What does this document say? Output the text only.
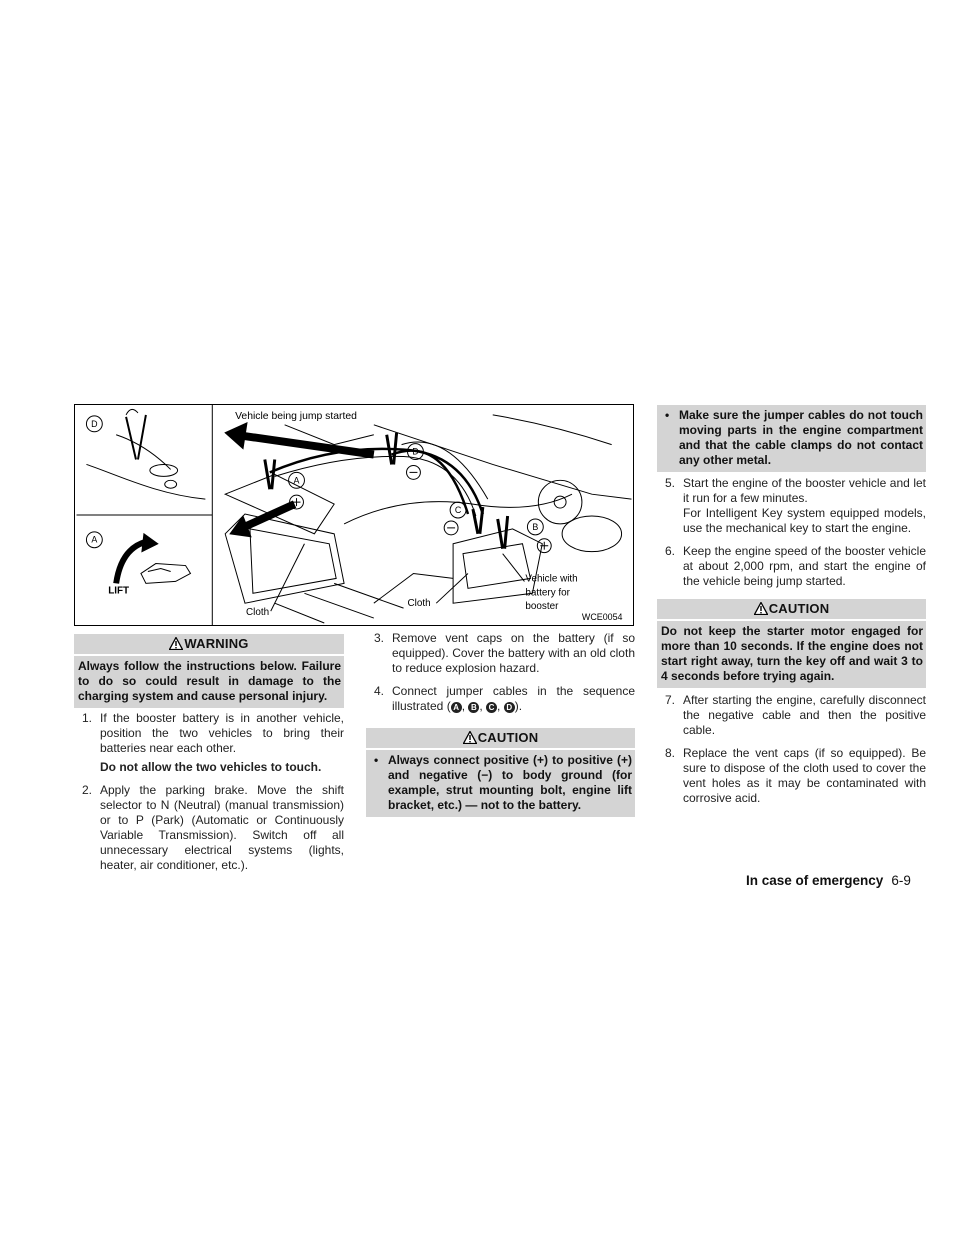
D
A
LIFT
Vehicle being jump started
A
D
C
B
Cloth
Cloth
Vehicle with
battery for
booster
WCE0054
WARNING
Always follow the instructions below. Failure to do so could result in damage to the charging system and cause personal injury.
1. If the booster battery is in another vehicle, position the two vehicles to bring their batteries near each other.
Do not allow the two vehicles to touch.
2. Apply the parking brake. Move the shift selector to N (Neutral) (manual transmission) or to P (Park) (Automatic or Continuously Variable Transmission). Switch off all unnecessary electrical systems (lights, heater, air conditioner, etc.).
3. Remove vent caps on the battery (if so equipped). Cover the battery with an old cloth to reduce explosion hazard.
4. Connect jumper cables in the sequence illustrated ( A , B , C , D ).
CAUTION
• Always connect positive (+) to positive (+) and negative (−) to body ground (for example, strut mounting bolt, engine lift bracket, etc.) — not to the battery.
• Make sure the jumper cables do not touch moving parts in the engine compartment and that the cable clamps do not contact any other metal.
5. Start the engine of the booster vehicle and let it run for a few minutes.
For Intelligent Key system equipped models, use the mechanical key to start the engine.
6. Keep the engine speed of the booster vehicle at about 2,000 rpm, and start the engine of the vehicle being jump started.
CAUTION
Do not keep the starter motor engaged for more than 10 seconds. If the engine does not start right away, turn the key off and wait 3 to 4 seconds before trying again.
7. After starting the engine, carefully disconnect the negative cable and then the positive cable.
8. Replace the vent caps (if so equipped). Be sure to dispose of the cloth used to cover the vent holes as it may be contaminated with corrosive acid.
In case of emergency 6-9
